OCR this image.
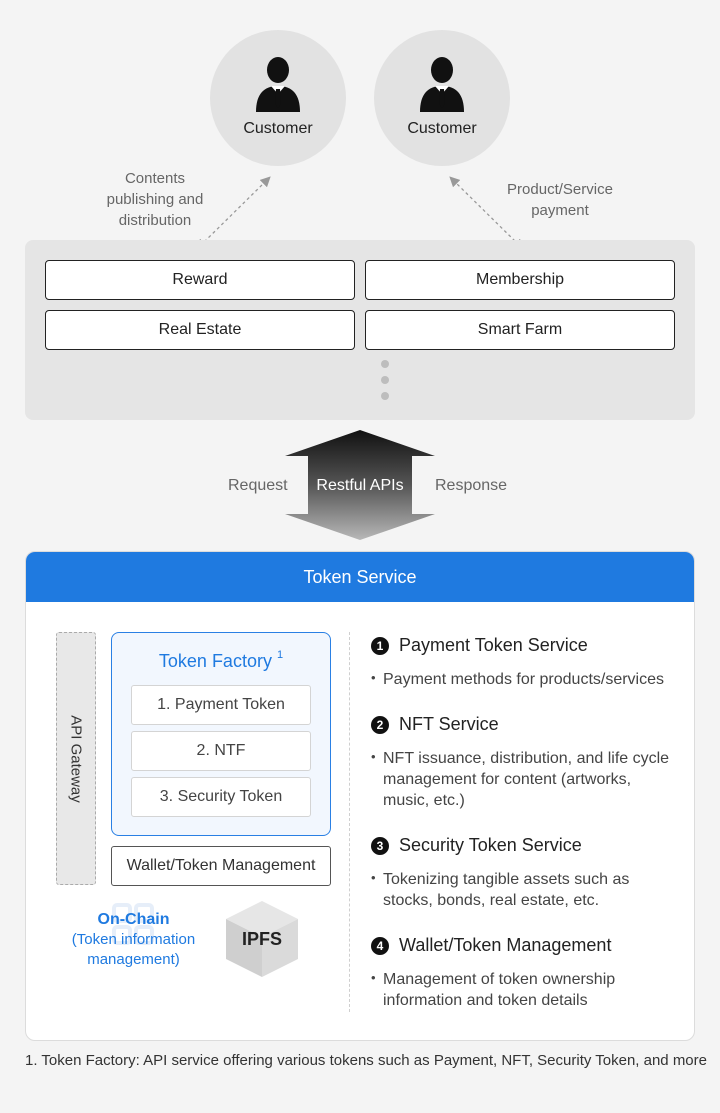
Customer	Customer
Contents publishing and distribution
Product/Service payment
Reward	Membership
Real Estate	Smart Farm
Request	Restful APIs	Response
Token Service
API Gateway
Token Factory $^1$
1. Payment Token
2. NTF
3. Security Token
Wallet/Token Management
On-Chain
(Token information
management)
IPFS
1 Payment Token Service
• Payment methods for products/services
2 NFT Service
• NFT issuance, distribution, and life cycle management for content (artworks, music, etc.)
3 Security Token Service
• Tokenizing tangible assets such as stocks, bonds, real estate, etc.
4 Wallet/Token Management
• Management of token ownership information and token details
1. Token Factory: API service offering various tokens such as Payment, NFT, Security Token, and more
